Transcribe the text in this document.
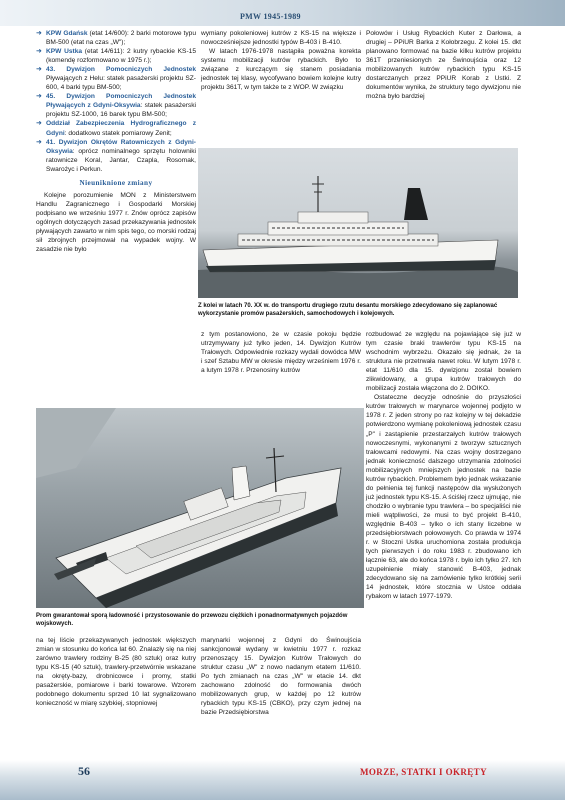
PMW 1945-1989
➜ KPW Gdańsk (etat 14/600): 2 barki motorowe typu BM-500 (etat na czas „W");
➜ KPW Ustka (etat 14/611): 2 kutry rybackie KS-15 (komendę rozformowano w 1975 r.);
➜ 43. Dywizjon Pomocniczych Jednostek Pływających z Helu: statek pasażerski projektu SZ-600, 4 barki typu BM-500;
➜ 45. Dywizjon Pomocniczych Jednostek Pływających z Gdyni-Oksywia: statek pasażerski projektu SZ-1000, 16 barek typu BM-500;
➜ Oddział Zabezpieczenia Hydrograficznego z Gdyni: dodatkowo statek pomiarowy Zenit;
➜ 41. Dywizjon Okrętów Ratowniczych z Gdyni-Oksywia: oprócz nominalnego sprzętu holowniki ratownicze Koral, Jantar, Czapla, Rosomak, Swarożyc i Perkun.
Nieuniknione zmiany

Kolejne porozumienie MON z Ministerstwem Handlu Zagranicznego i Gospodarki Morskiej podpisano we wrześniu 1977 r. Znów oprócz zapisów ogólnych dotyczących zasad przekazywania jednostek pływających zawarto w nim spis tego, co morski rodzaj sił zbrojnych przejmował na wypadek wojny. W zasadzie nie było

wymiany pokoleniowej kutrów z KS-15 na większe i nowocześniejsze jednostki typów B-403 i B-410.

W latach 1976-1978 nastąpiła poważna korekta systemu mobilizacji kutrów rybackich. Było to związane z kurczącym się stanem posiadania jednostek tej klasy, wycofywano bowiem kolejne kutry projektu 361T, w tym także te z WOP. W związku

Połowów i Usług Rybackich Kuter z Darłowa, a drugiej – PPiUR Barka z Kołobrzegu. Z kolei 15. dkt planowano formować na bazie kilku kutrów projektu 361T przeniesionych ze Świnoujścia oraz 12 mobilizowanych kutrów rybackich typu KS-15 dostarczanych przez PPiUR Korab z Ustki. Z dokumentów wynika, że struktury tego dywizjonu nie można było bardziej

Z kolei w latach 70. XX w. do transportu drugiego rzutu desantu morskiego zdecydowano się zaplanować wykorzystanie promów pasażerskich, samochodowych i kolejowych.

z tym postanowiono, że w czasie pokoju będzie utrzymywany już tylko jeden, 14. Dywizjon Kutrów Trałowych. Odpowiednie rozkazy wydali dowódca MW i szef Sztabu MW w okresie między wrześniem 1976 r. a lutym 1978 r. Przenosiny kutrów

rozbudować ze względu na pojawiające się już w tym czasie braki trawlerów typu KS-15 na wschodnim wybrzeżu. Okazało się jednak, że ta struktura nie przetrwała nawet roku. W lutym 1978 r. etat 11/610 dla 15. dywizjonu został bowiem zlikwidowany, a grupa kutrów trałowych do mobilizacji została włączona do 2. DOIKO.

Ostateczne decyzje odnośnie do przyszłości kutrów trałowych w marynarce wojennej podjęto w 1978 r. Z jeden strony po raz kolejny w tej dekadzie potwierdzono wymianę pokoleniową jednostek czasu „P" i zastąpienie przestarzałych kutrów trałowych nowoczesnymi, wykonanymi z tworzyw sztucznych trałowcami redowymi. Na czas wojny dostrzegano jednak konieczność dalszego utrzymania zdolności mobilizacyjnych mniejszych jednostek na bazie kutrów rybackich. Problemem było jednak wskazanie do pełnienia tej funkcji następców dla wysłużonych już jednostek typu KS-15. A ściślej rzecz ujmując, nie chodziło o wybranie typu trawlera – bo specjaliści nie mieli wątpliwości, że musi to być projekt B-410, względnie B-403 – tylko o ich stany liczebne w przedsiębiorstwach połowowych. Co prawda w 1974 r. w Stoczni Ustka uruchomiona została produkcja tych pierwszych i do roku 1983 r. zbudowano ich łącznie 63, ale do końca 1978 r. było ich tylko 27. Ich uzupełnienie miały stanowić B-403, jednak zdecydowano się na zamówienie tylko krótkiej serii 14 jednostek, które stocznia w Ustce oddała rybakom w latach 1977-1979.

Prom gwarantował sporą ładowność i przystosowanie do przewozu ciężkich i ponadnormatywnych pojazdów wojskowych.

na tej liście przekazywanych jednostek większych zmian w stosunku do końca lat 60. Znalazły się na niej zarówno trawlery rodziny B-25 (80 sztuk) oraz kutry typu KS-15 (40 sztuk), trawlery-przetwórnie wskazane na okręty-bazy, drobnicowce i promy, statki pasażerskie, pomiarowe i barki towarowe. Wzorem podobnego dokumentu sprzed 10 lat sygnalizowano konieczność w miarę szybkiej, stopniowej

marynarki wojennej z Gdyni do Świnoujścia sankcjonował wydany w kwietniu 1977 r. rozkaz przenoszący 15. Dywizjon Kutrów Trałowych do struktur czasu „W" z nowo nadanym etatem 11/610. Po tych zmianach na czas „W" w etacie 14. dkt zachowano zdolność do formowania dwóch mobilizowanych grup, w każdej po 12 kutrów rybackich typu KS-15 (CBKO), przy czym jednej na bazie Przedsiębiorstwa

56	MORZE, STATKI I OKRĘTY
